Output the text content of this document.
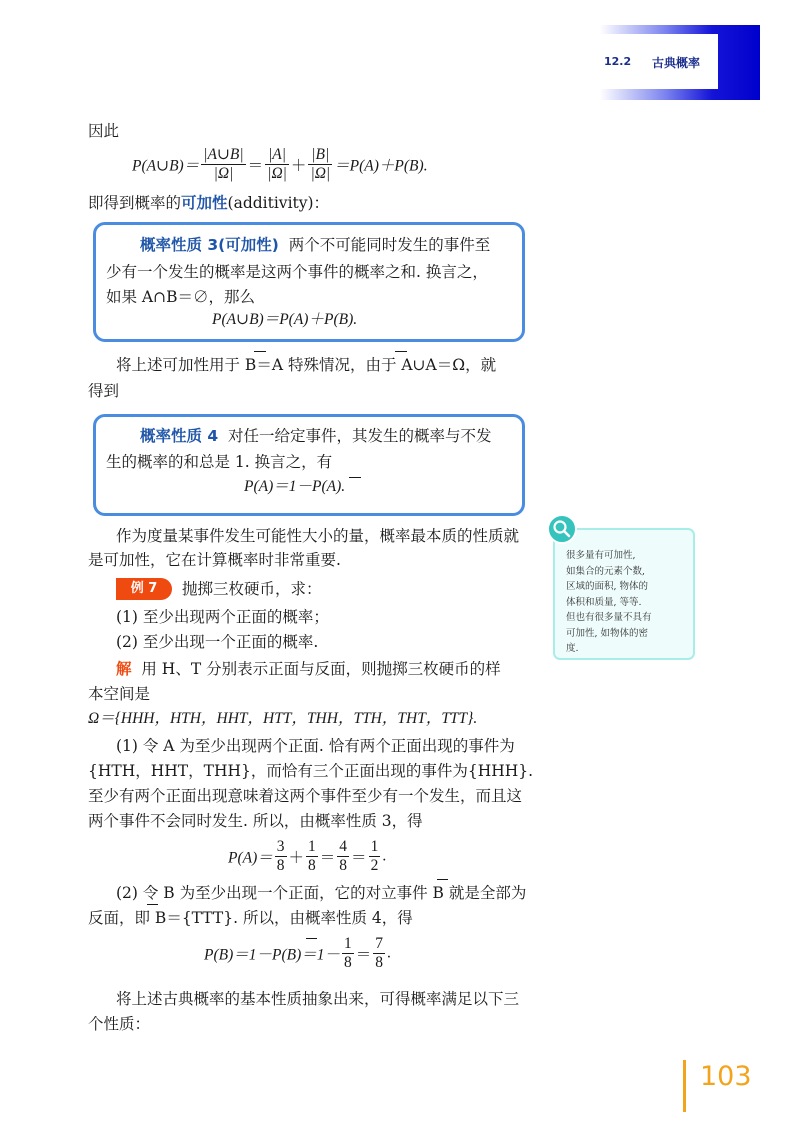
12.2 古典概率
因此
P(A∪B)＝ $\frac{|A\cup B|}{|\Omega|} = \frac{|A|}{|\Omega|} + \frac{|B|}{|\Omega|} =P(A)+P(B)$.
即得到概率的可加性(additivity)：
概率性质 3(可加性) 两个不可能同时发生的事件至
少有一个发生的概率是这两个事件的概率之和. 换言之，
如果 A∩B＝∅，那么
P(A∪B)＝P(A)＋P(B).
将上述可加性用于 B＝A 特殊情况，由于 A∪A＝Ω，就
得到
概率性质 4 对任一给定事件，其发生的概率与不发
生的概率的和总是 1. 换言之，有
P(A)＝1－P(A).
作为度量某事件发生可能性大小的量，概率最本质的性质就
是可加性，它在计算概率时非常重要.	很多量有可加性,
如集合的元素个数,
区域的面积, 物体的
体积和质量, 等等.
但也有很多量不具有
可加性, 如物体的密
度.
例 7	抛掷三枚硬币，求：
(1) 至少出现两个正面的概率；
(2) 至少出现一个正面的概率.
解 用 H、T 分别表示正面与反面，则抛掷三枚硬币的样
本空间是
Ω＝{HHH，HTH，HHT，HTT，THH，TTH，THT，TTT}.
(1) 令 A 为至少出现两个正面. 恰有两个正面出现的事件为
{HTH，HHT，THH}，而恰有三个正面出现的事件为{HHH}.
至少有两个正面出现意味着这两个事件至少有一个发生，而且这
两个事件不会同时发生. 所以，由概率性质 3，得
$P(A)= \frac{3}{8} + \frac{1}{8} = \frac{4}{8} = \frac{1}{2}$ .
(2) 令 B 为至少出现一个正面，它的对立事件 B 就是全部为
反面，即 B＝{TTT}. 所以，由概率性质 4，得
$P(B)=1-P(B)=1- \frac{1}{8} = \frac{7}{8}$ .
将上述古典概率的基本性质抽象出来，可得概率满足以下三
个性质：
103
